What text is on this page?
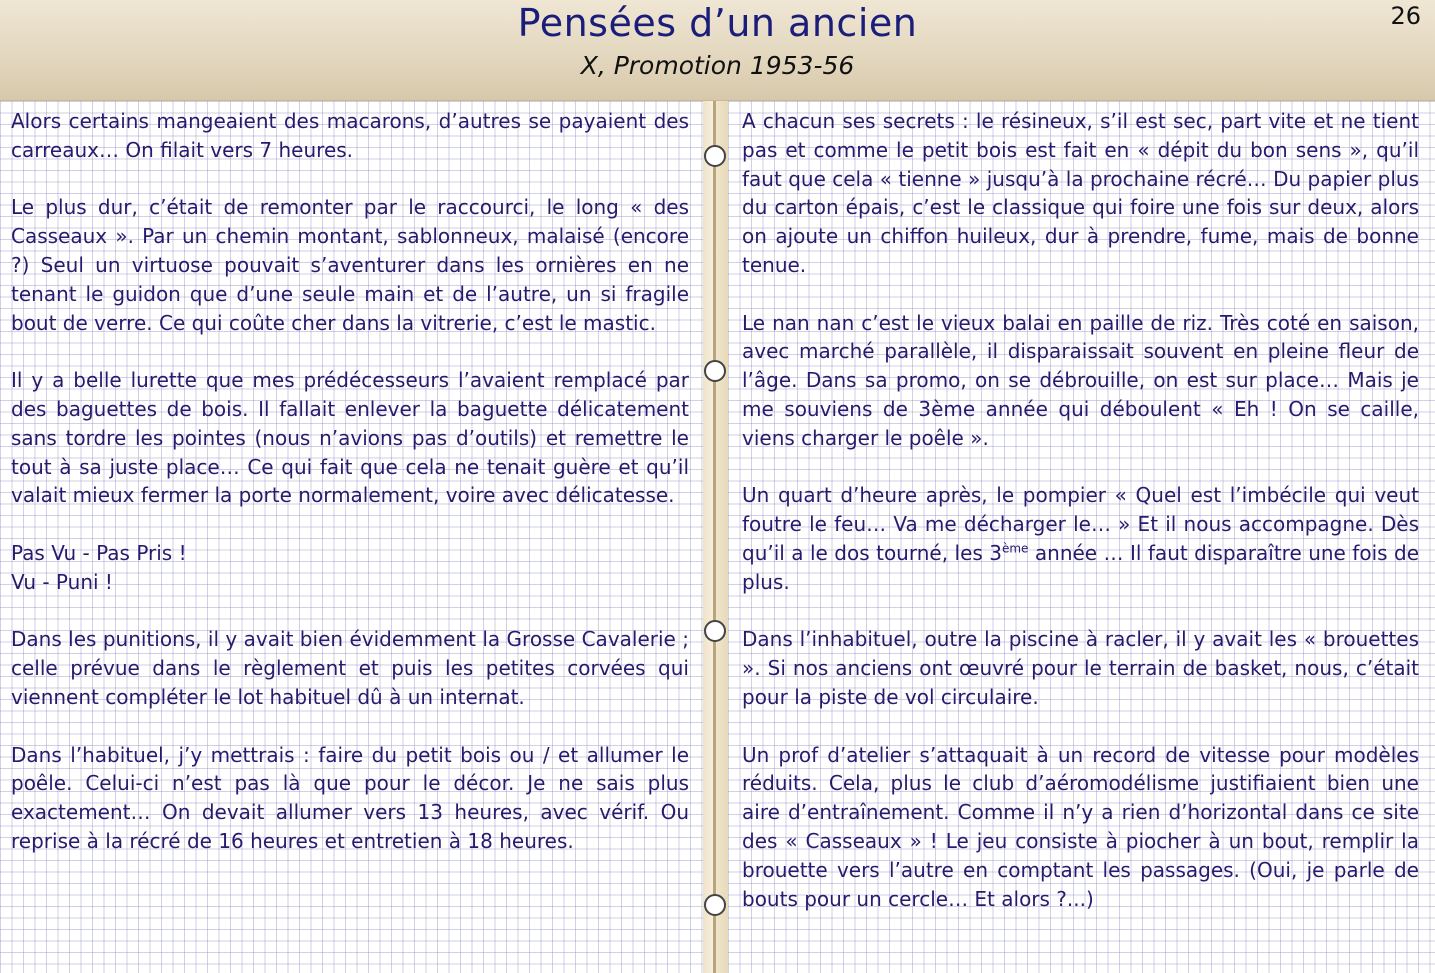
Pensées d’un ancien
X, Promotion 1953-56
26

Alors certains mangeaient des macarons, d’autres se payaient des carreaux… On filait vers 7 heures.

Le plus dur, c’était de remonter par le raccourci, le long « des Casseaux ». Par un chemin montant, sablonneux, malaisé (encore ?) Seul un virtuose pouvait s’aventurer dans les ornières en ne tenant le guidon que d’une seule main et de l’autre, un si fragile bout de verre. Ce qui coûte cher dans la vitrerie, c’est le mastic.

Il y a belle lurette que mes prédécesseurs l’avaient remplacé par des baguettes de bois. Il fallait enlever la baguette délicatement sans tordre les pointes (nous n’avions pas d’outils) et remettre le tout à sa juste place… Ce qui fait que cela ne tenait guère et qu’il valait mieux fermer la porte normalement, voire avec délicatesse.

Pas Vu - Pas Pris !

Vu - Puni !

Dans les punitions, il y avait bien évidemment la Grosse Cavalerie ; celle prévue dans le règlement et puis les petites corvées qui viennent compléter le lot habituel dû à un internat.

Dans l’habituel, j’y mettrais : faire du petit bois ou / et allumer le poêle. Celui-ci n’est pas là que pour le décor. Je ne sais plus exactement… On devait allumer vers 13 heures, avec vérif. Ou reprise à la récré de 16 heures et entretien à 18 heures.

A chacun ses secrets : le résineux, s’il est sec, part vite et ne tient pas et comme le petit bois est fait en « dépit du bon sens », qu’il faut que cela « tienne » jusqu’à la prochaine récré… Du papier plus du carton épais, c’est le classique qui foire une fois sur deux, alors on ajoute un chiffon huileux, dur à prendre, fume, mais de bonne tenue.

Le nan nan c’est le vieux balai en paille de riz. Très coté en saison, avec marché parallèle, il disparaissait souvent en pleine fleur de l’âge. Dans sa promo, on se débrouille, on est sur place… Mais je me souviens de 3ème année qui déboulent « Eh ! On se caille, viens charger le poêle ».

Un quart d’heure après, le pompier « Quel est l’imbécile qui veut foutre le feu… Va me décharger le… » Et il nous accompagne. Dès qu’il a le dos tourné, les 3ème année … Il faut disparaître une fois de plus.

Dans l’inhabituel, outre la piscine à racler, il y avait les « brouettes ». Si nos anciens ont œuvré pour le terrain de basket, nous, c’était pour la piste de vol circulaire.

Un prof d’atelier s’attaquait à un record de vitesse pour modèles réduits. Cela, plus le club d’aéromodélisme justifiaient bien une aire d’entraînement. Comme il n’y a rien d’horizontal dans ce site des « Casseaux » ! Le jeu consiste à piocher à un bout, remplir la brouette vers l’autre en comptant les passages. (Oui, je parle de bouts pour un cercle… Et alors ?...)
